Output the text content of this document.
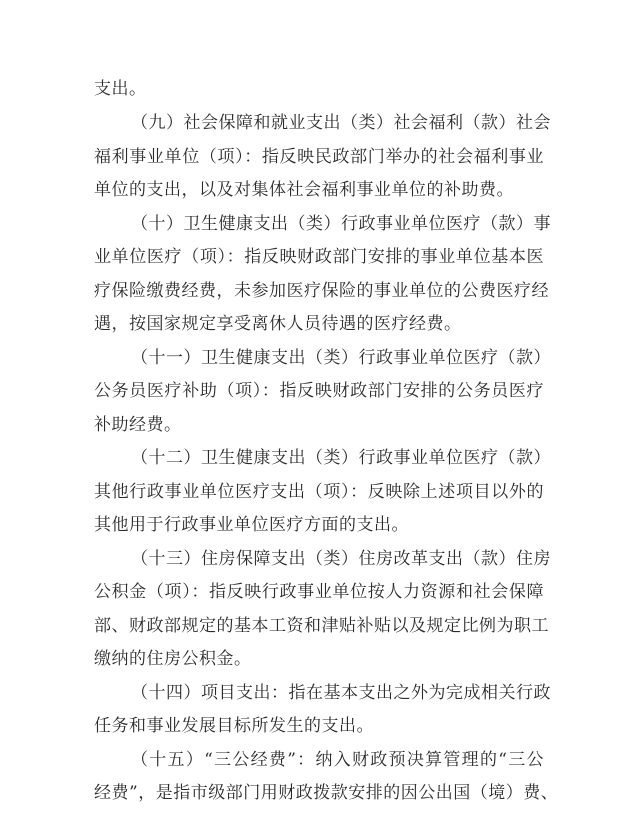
支出。
（九）社会保障和就业支出（类）社会福利（款）社会
福利事业单位（项）：指反映民政部门举办的社会福利事业
单位的支出，以及对集体社会福利事业单位的补助费。
（十）卫生健康支出（类）行政事业单位医疗（款）事
业单位医疗（项）：指反映财政部门安排的事业单位基本医
疗保险缴费经费，未参加医疗保险的事业单位的公费医疗经
遇，按国家规定享受离休人员待遇的医疗经费。
（十一）卫生健康支出（类）行政事业单位医疗（款）
公务员医疗补助（项）：指反映财政部门安排的公务员医疗
补助经费。
（十二）卫生健康支出（类）行政事业单位医疗（款）
其他行政事业单位医疗支出（项）：反映除上述项目以外的
其他用于行政事业单位医疗方面的支出。
（十三）住房保障支出（类）住房改革支出（款）住房
公积金（项）：指反映行政事业单位按人力资源和社会保障
部、财政部规定的基本工资和津贴补贴以及规定比例为职工
缴纳的住房公积金。
（十四）项目支出：指在基本支出之外为完成相关行政
任务和事业发展目标所发生的支出。
（十五）“三公经费”：纳入财政预决算管理的“三公
经费”，是指市级部门用财政拨款安排的因公出国（境）费、
